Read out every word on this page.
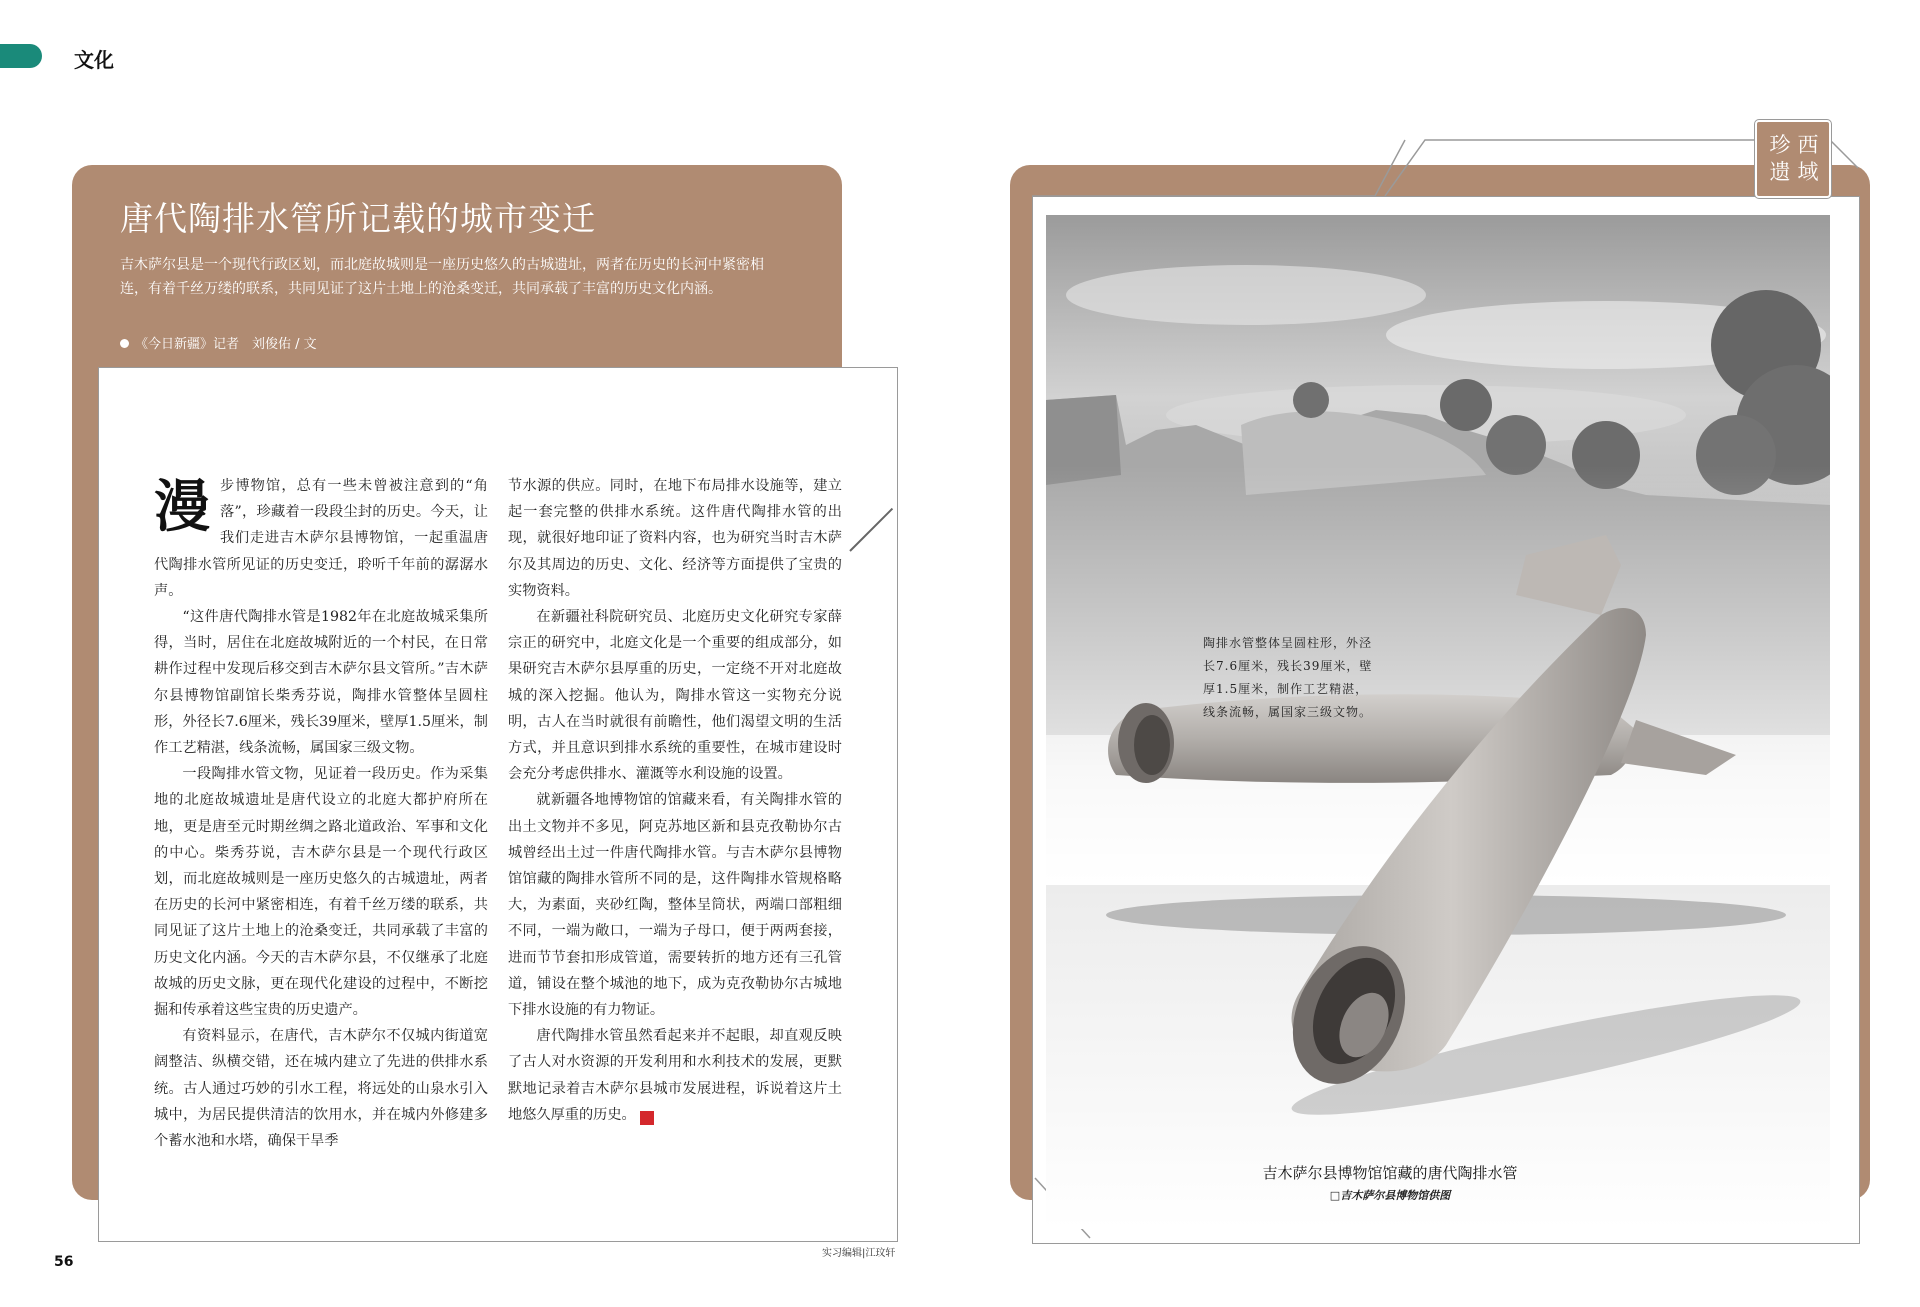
文化
唐代陶排水管所记载的城市变迁
吉木萨尔县是一个现代行政区划，而北庭故城则是一座历史悠久的古城遗址，两者在历史的长河中紧密相连，有着千丝万缕的联系，共同见证了这片土地上的沧桑变迁，共同承载了丰富的历史文化内涵。
《今日新疆》记者　刘俊佑 / 文

漫步博物馆，总有一些未曾被注意到的“角落”，珍藏着一段段尘封的历史。今天，让我们走进吉木萨尔县博物馆，一起重温唐代陶排水管所见证的历史变迁，聆听千年前的潺潺水声。

“这件唐代陶排水管是1982年在北庭故城采集所得，当时，居住在北庭故城附近的一个村民，在日常耕作过程中发现后移交到吉木萨尔县文管所。”吉木萨尔县博物馆副馆长柴秀芬说，陶排水管整体呈圆柱形，外径长7.6厘米，残长39厘米，壁厚1.5厘米，制作工艺精湛，线条流畅，属国家三级文物。

一段陶排水管文物，见证着一段历史。作为采集地的北庭故城遗址是唐代设立的北庭大都护府所在地，更是唐至元时期丝绸之路北道政治、军事和文化的中心。柴秀芬说，吉木萨尔县是一个现代行政区划，而北庭故城则是一座历史悠久的古城遗址，两者在历史的长河中紧密相连，有着千丝万缕的联系，共同见证了这片土地上的沧桑变迁，共同承载了丰富的历史文化内涵。今天的吉木萨尔县，不仅继承了北庭故城的历史文脉，更在现代化建设的过程中，不断挖掘和传承着这些宝贵的历史遗产。

有资料显示，在唐代，吉木萨尔不仅城内街道宽阔整洁、纵横交错，还在城内建立了先进的供排水系统。古人通过巧妙的引水工程，将远处的山泉水引入城中，为居民提供清洁的饮用水，并在城内外修建多个蓄水池和水塔，确保干旱季

节水源的供应。同时，在地下布局排水设施等，建立起一套完整的供排水系统。这件唐代陶排水管的出现，就很好地印证了资料内容，也为研究当时吉木萨尔及其周边的历史、文化、经济等方面提供了宝贵的实物资料。

在新疆社科院研究员、北庭历史文化研究专家薛宗正的研究中，北庭文化是一个重要的组成部分，如果研究吉木萨尔县厚重的历史，一定绕不开对北庭故城的深入挖掘。他认为，陶排水管这一实物充分说明，古人在当时就很有前瞻性，他们渴望文明的生活方式，并且意识到排水系统的重要性，在城市建设时会充分考虑供排水、灌溉等水利设施的设置。

就新疆各地博物馆的馆藏来看，有关陶排水管的出土文物并不多见，阿克苏地区新和县克孜勒协尔古城曾经出土过一件唐代陶排水管。与吉木萨尔县博物馆馆藏的陶排水管所不同的是，这件陶排水管规格略大，为素面，夹砂红陶，整体呈筒状，两端口部粗细不同，一端为敞口，一端为子母口，便于两两套接，进而节节套扣形成管道，需要转折的地方还有三孔管道，铺设在整个城池的地下，成为克孜勒协尔古城地下排水设施的有力物证。

唐代陶排水管虽然看起来并不起眼，却直观反映了古人对水资源的开发利用和水利技术的发展，更默默地记录着吉木萨尔县城市发展进程，诉说着这片土地悠久厚重的历史。	J

实习编辑|江玟轩
56
陶排水管整体呈圆柱形，外泾长7.6厘米，残长39厘米，壁厚1.5厘米，制作工艺精湛，线条流畅，属国家三级文物。
吉木萨尔县博物馆馆藏的唐代陶排水管
□吉木萨尔县博物馆供图
西域
珍遗
